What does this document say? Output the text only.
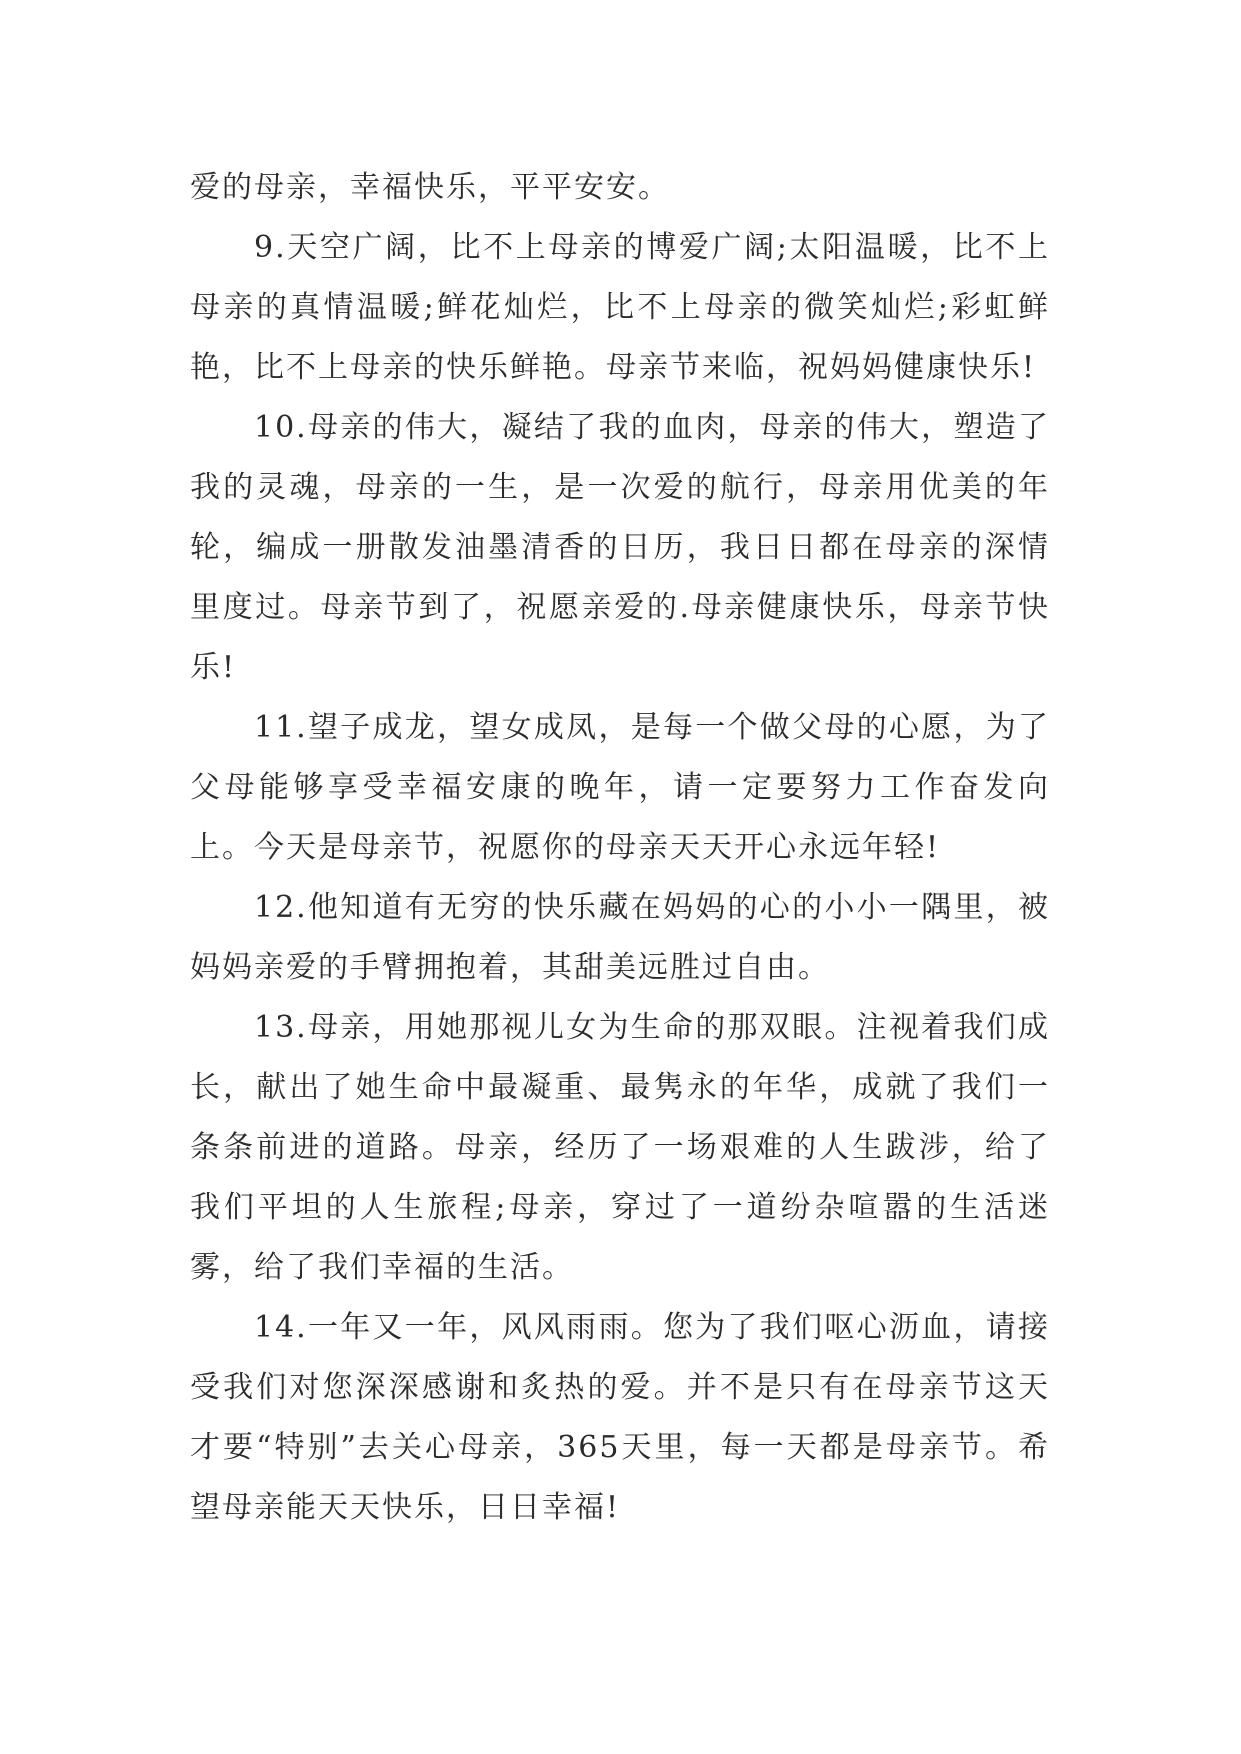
爱的母亲，幸福快乐，平平安安。

9.天空广阔，比不上母亲的博爱广阔;太阳温暖，比不上母亲的真情温暖;鲜花灿烂，比不上母亲的微笑灿烂;彩虹鲜艳，比不上母亲的快乐鲜艳。母亲节来临，祝妈妈健康快乐!

10.母亲的伟大，凝结了我的血肉，母亲的伟大，塑造了我的灵魂，母亲的一生，是一次爱的航行，母亲用优美的年轮，编成一册散发油墨清香的日历，我日日都在母亲的深情里度过。母亲节到了，祝愿亲爱的.母亲健康快乐，母亲节快乐!

11.望子成龙，望女成凤，是每一个做父母的心愿，为了父母能够享受幸福安康的晚年，请一定要努力工作奋发向上。今天是母亲节，祝愿你的母亲天天开心永远年轻!

12.他知道有无穷的快乐藏在妈妈的心的小小一隅里，被妈妈亲爱的手臂拥抱着，其甜美远胜过自由。

13.母亲，用她那视儿女为生命的那双眼。注视着我们成长，献出了她生命中最凝重、最隽永的年华，成就了我们一条条前进的道路。母亲，经历了一场艰难的人生跋涉，给了我们平坦的人生旅程;母亲，穿过了一道纷杂喧嚣的生活迷雾，给了我们幸福的生活。

14.一年又一年，风风雨雨。您为了我们呕心沥血，请接受我们对您深深感谢和炙热的爱。并不是只有在母亲节这天才要“特别”去关心母亲，365天里，每一天都是母亲节。希望母亲能天天快乐，日日幸福!
